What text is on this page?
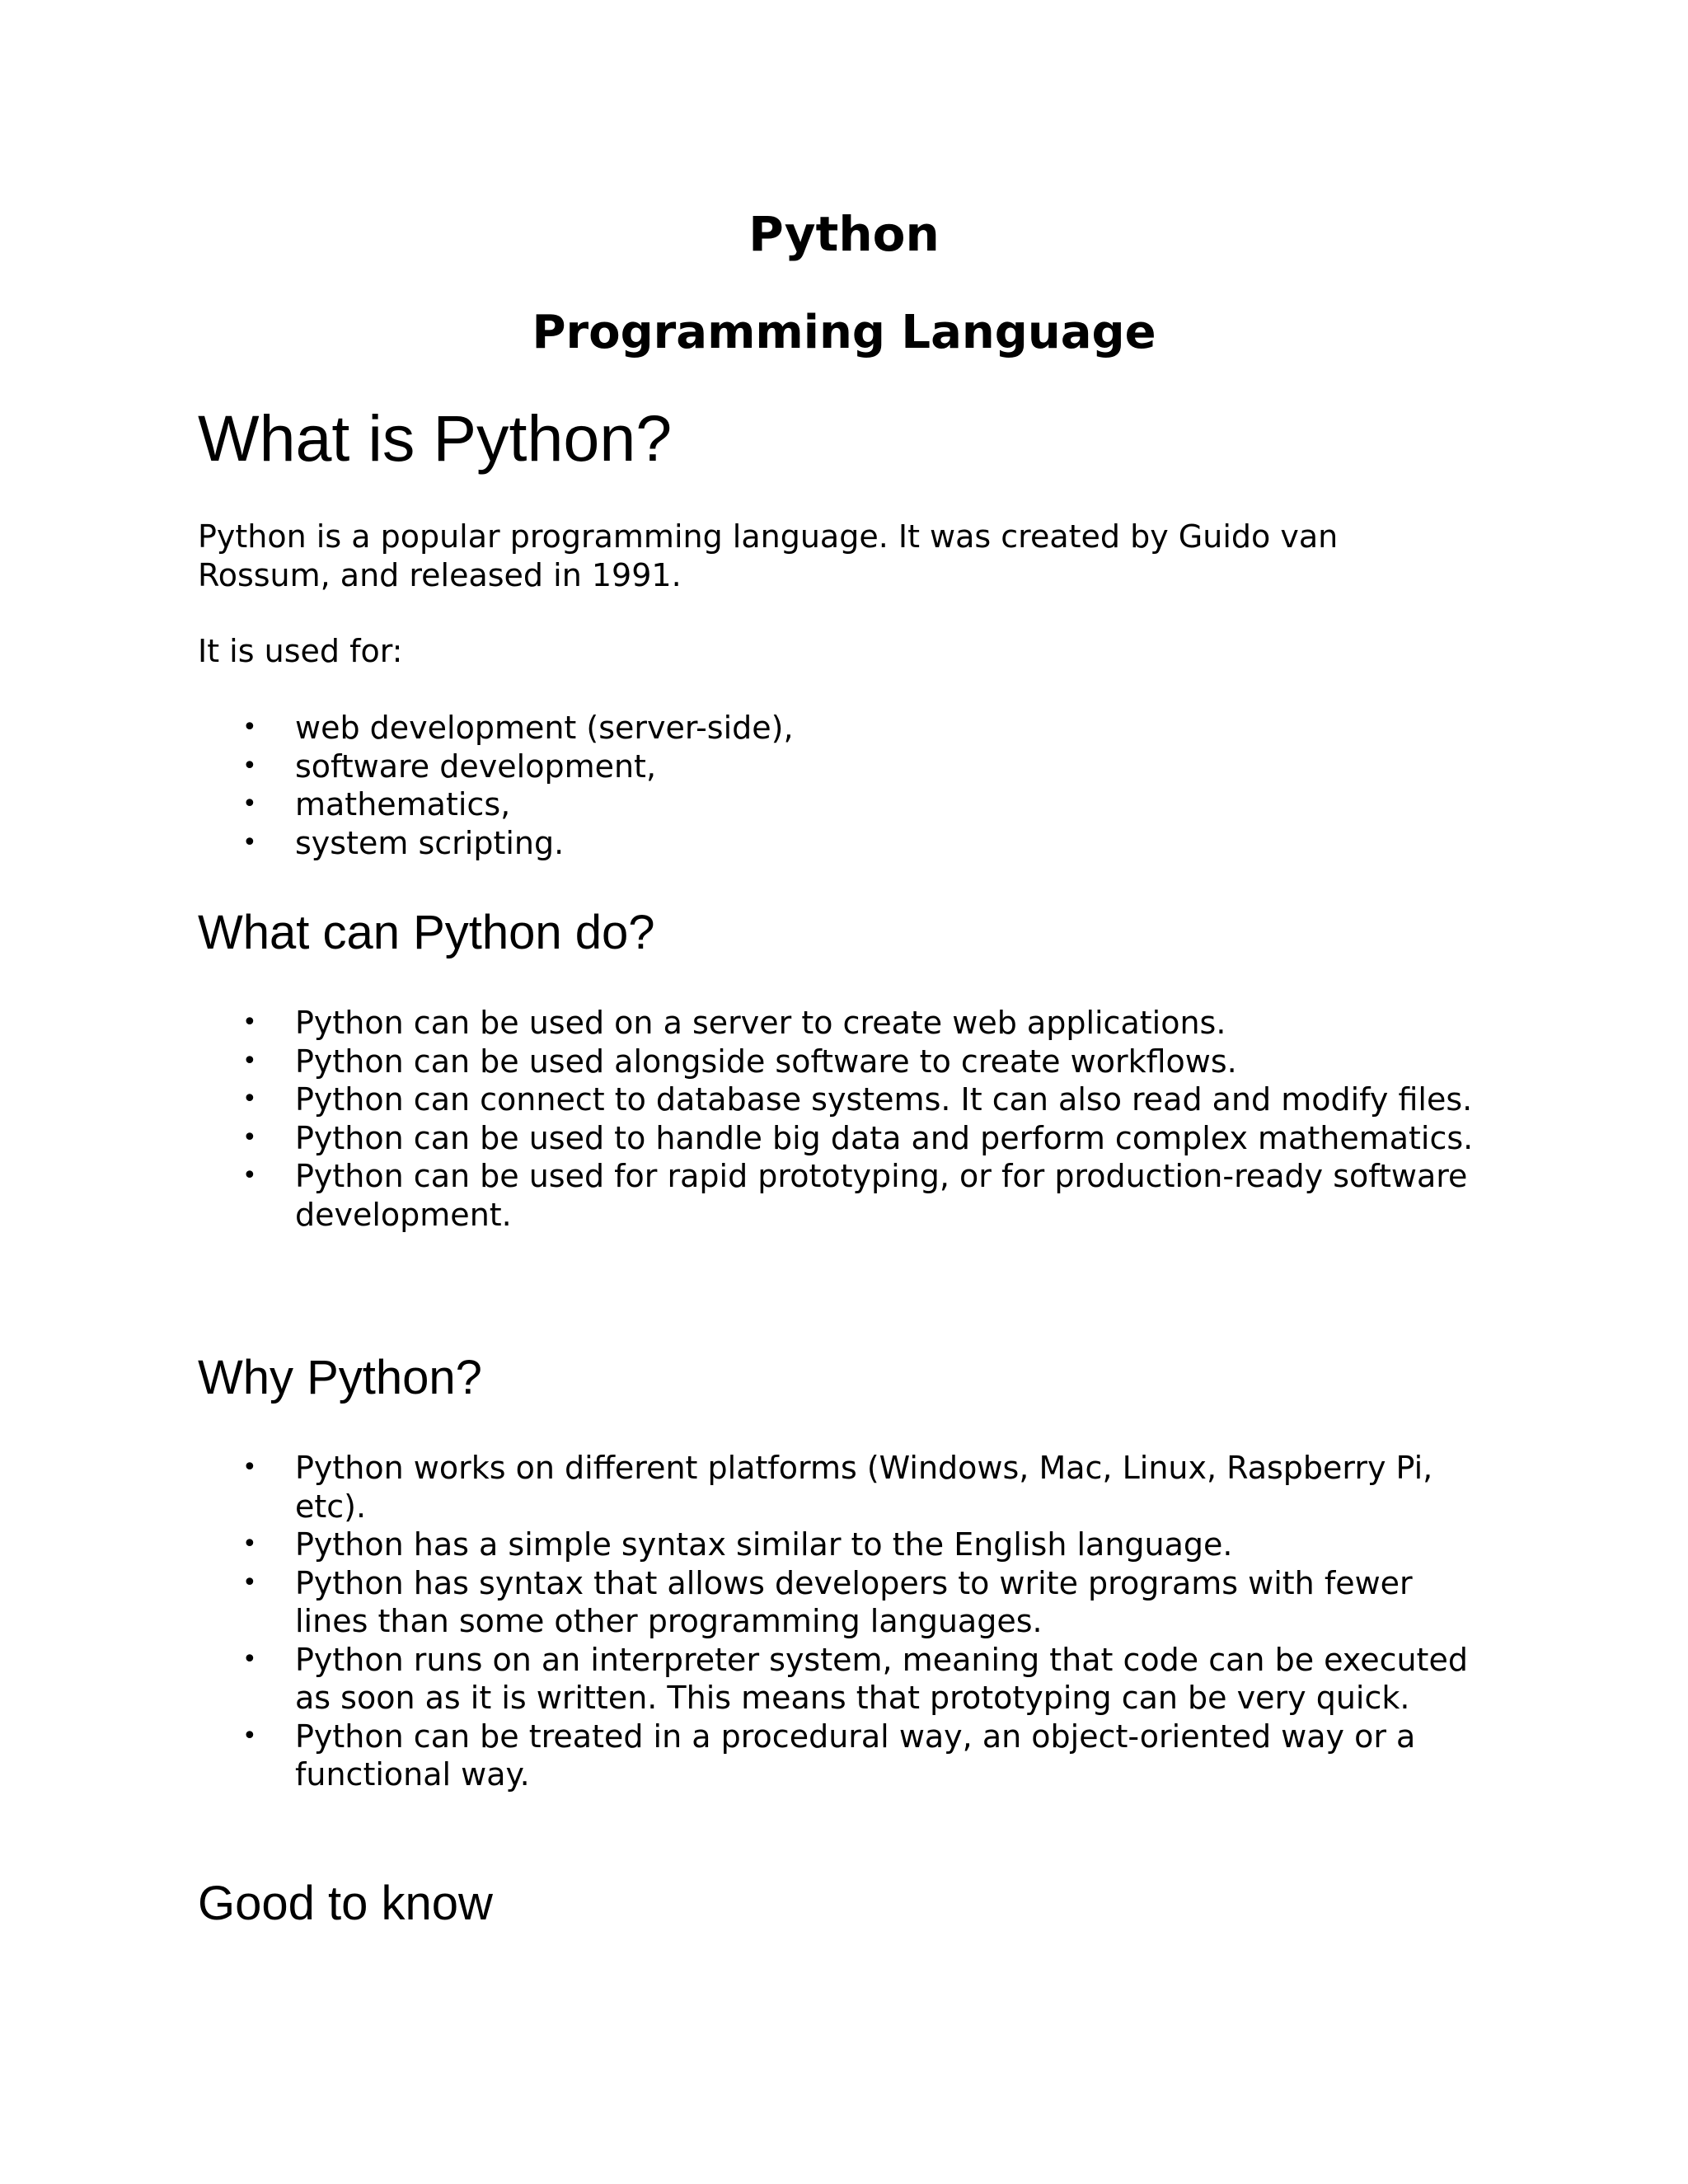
Python
Programming Language
What is Python?

Python is a popular programming language. It was created by Guido van
Rossum, and released in 1991.

It is used for:

• web development (server-side),
• software development,
• mathematics,
• system scripting.
What can Python do?
• Python can be used on a server to create web applications.
• Python can be used alongside software to create workflows.
• Python can connect to database systems. It can also read and modify files.
• Python can be used to handle big data and perform complex mathematics.
• Python can be used for rapid prototyping, or for production-ready software development.
Why Python?
• Python works on different platforms (Windows, Mac, Linux, Raspberry Pi, etc).
• Python has a simple syntax similar to the English language.
• Python has syntax that allows developers to write programs with fewer lines than some other programming languages.
• Python runs on an interpreter system, meaning that code can be executed as soon as it is written. This means that prototyping can be very quick.
• Python can be treated in a procedural way, an object-oriented way or a functional way.
Good to know
